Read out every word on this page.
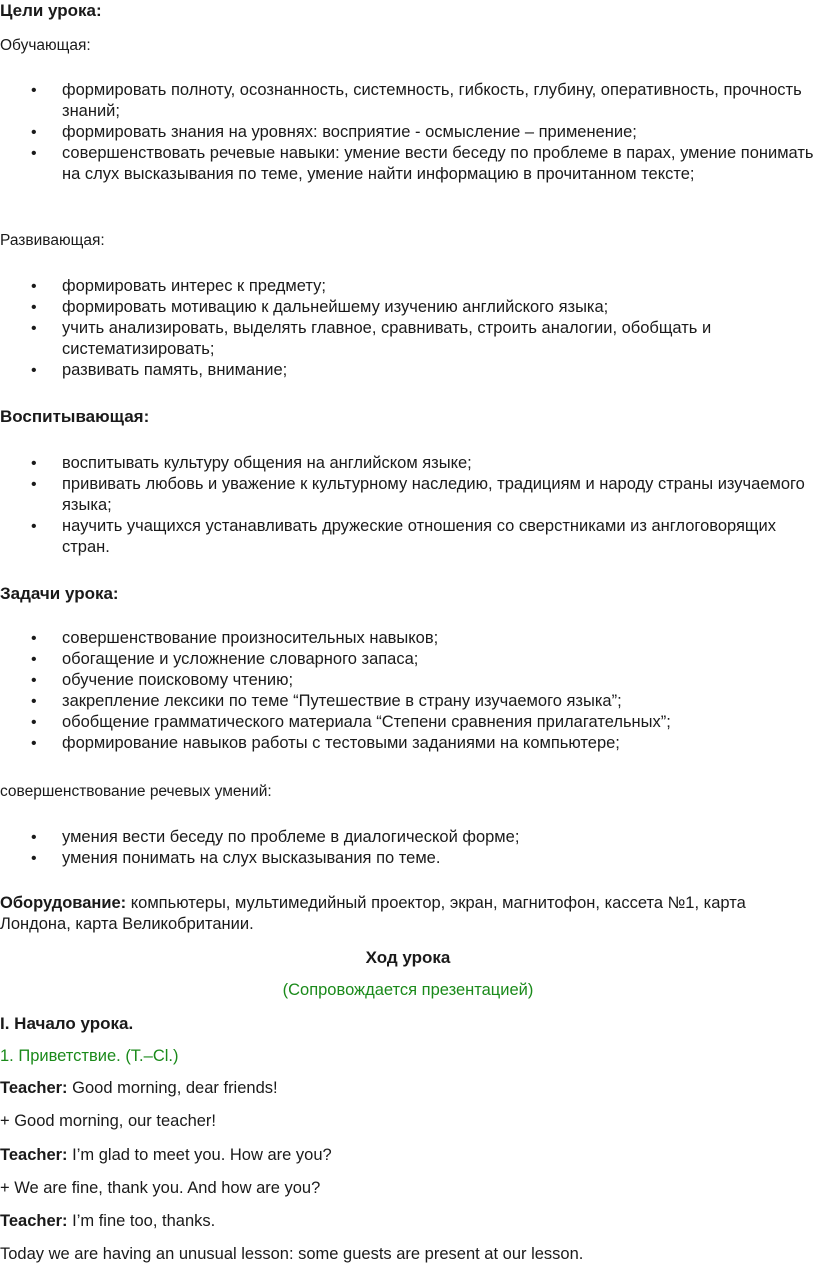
Цели урока:

Обучающая:

• формировать полноту, осознанность, системность, гибкость, глубину, оперативность, прочность знаний;
• формировать знания на уровнях: восприятие - осмысление – применение;
• совершенствовать речевые навыки: умение вести беседу по проблеме в парах, умение понимать на слух высказывания по теме, умение найти информацию в прочитанном тексте;

Развивающая:

• формировать интерес к предмету;
• формировать мотивацию к дальнейшему изучению английского языка;
• учить анализировать, выделять главное, сравнивать, строить аналогии, обобщать и систематизировать;
• развивать память, внимание;

Воспитывающая:

• воспитывать культуру общения на английском языке;
• прививать любовь и уважение к культурному наследию, традициям и народу страны изучаемого языка;
• научить учащихся устанавливать дружеские отношения со сверстниками из англоговорящих стран.

Задачи урока:

• совершенствование произносительных навыков;
• обогащение и усложнение словарного запаса;
• обучение поисковому чтению;
• закрепление лексики по теме “Путешествие в страну изучаемого языка”;
• обобщение грамматического материала “Степени сравнения прилагательных”;
• формирование навыков работы с тестовыми заданиями на компьютере;

совершенствование речевых умений:

• умения вести беседу по проблеме в диалогической форме;
• умения понимать на слух высказывания по теме.

Оборудование: компьютеры, мультимедийный проектор, экран, магнитофон, кассета №1, карта Лондона, карта Великобритании.

Ход урока

(Сопровождается презентацией)

I. Начало урока.

1. Приветствие. (T.–Cl.)

Teacher: Good morning, dear friends!

+ Good morning, our teacher!

Teacher: I’m glad to meet you. How are you?

+ We are fine, thank you. And how are you?

Teacher: I’m fine too, thanks.

Today we are having an unusual lesson: some guests are present at our lesson.
